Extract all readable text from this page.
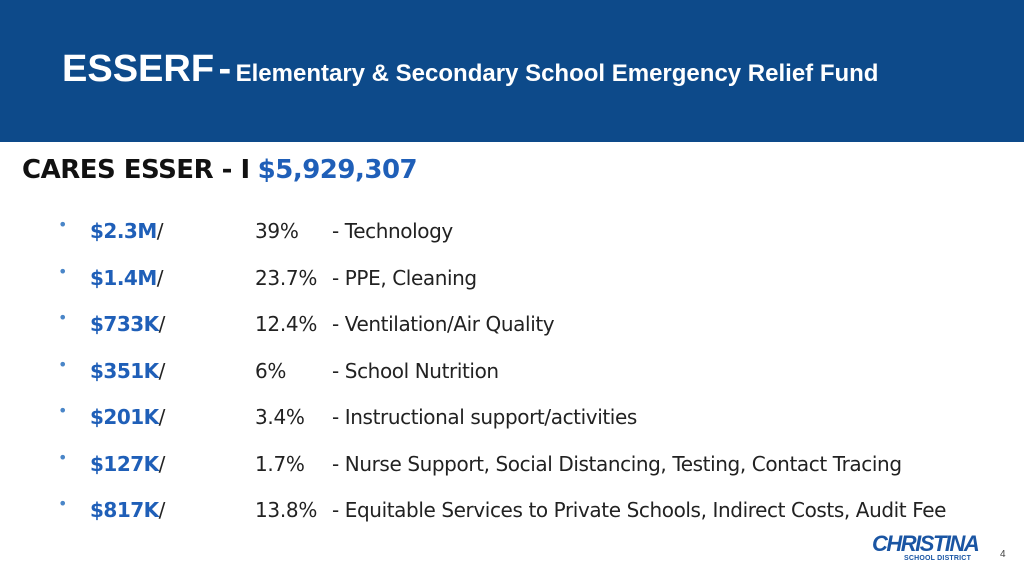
ESSERF - Elementary & Secondary School Emergency Relief Fund
CARES ESSER - I $5,929,307
• $2.3M/	39% - Technology
• $1.4M/	23.7% - PPE, Cleaning
• $733K/	12.4% - Ventilation/Air Quality
• $351K/	6% - School Nutrition
• $201K/	3.4% - Instructional support/activities
• $127K/	1.7% - Nurse Support, Social Distancing, Testing, Contact Tracing
• $817K/	13.8% - Equitable Services to Private Schools, Indirect Costs, Audit Fee
CHRISTINA
SCHOOL DISTRICT	4
